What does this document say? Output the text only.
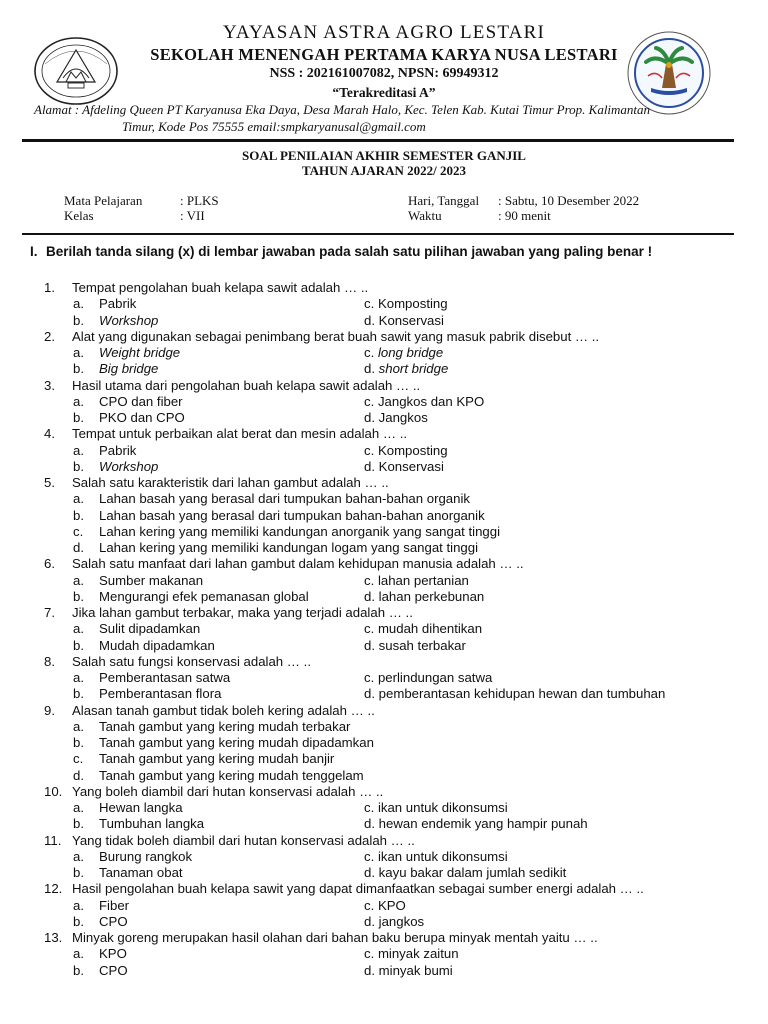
YAYASAN ASTRA AGRO LESTARI
SEKOLAH MENENGAH PERTAMA KARYA NUSA LESTARI
NSS : 202161007082, NPSN: 69949312
“Terakreditasi A”
Alamat : Afdeling Queen PT Karyanusa Eka Daya, Desa Marah Halo, Kec. Telen Kab. Kutai Timur Prop. Kalimantan
Timur, Kode Pos 75555 email:smpkaryanusal@gmail.com
SOAL PENILAIAN AKHIR SEMESTER GANJIL
TAHUN AJARAN 2022/ 2023
Mata Pelajaran	: PLKS
Kelas	: VII
Hari, Tanggal : Sabtu, 10 Desember 2022
Waktu	: 90 menit
I. Berilah tanda silang (x) di lembar jawaban pada salah satu pilihan jawaban yang paling benar !
1. Tempat pengolahan buah kelapa sawit adalah … ..
a. Pabrik	c. Komposting
b. Workshop	d. Konservasi
2. Alat yang digunakan sebagai penimbang berat buah sawit yang masuk pabrik disebut … ..
a. Weight bridge	c. long bridge
b. Big bridge	d. short bridge
3. Hasil utama dari pengolahan buah kelapa sawit adalah … ..
a. CPO dan fiber	c. Jangkos dan KPO
b. PKO dan CPO	d. Jangkos
4. Tempat untuk perbaikan alat berat dan mesin adalah … ..
a. Pabrik	c. Komposting
b. Workshop	d. Konservasi
5. Salah satu karakteristik dari lahan gambut adalah … ..
a. Lahan basah yang berasal dari tumpukan bahan-bahan organik
b. Lahan basah yang berasal dari tumpukan bahan-bahan anorganik
c. Lahan kering yang memiliki kandungan anorganik yang sangat tinggi
d. Lahan kering yang memiliki kandungan logam yang sangat tinggi
6. Salah satu manfaat dari lahan gambut dalam kehidupan manusia adalah … ..
a. Sumber makanan	c. lahan pertanian
b. Mengurangi efek pemanasan global	d. lahan perkebunan
7. Jika lahan gambut terbakar, maka yang terjadi adalah … ..
a. Sulit dipadamkan	c. mudah dihentikan
b. Mudah dipadamkan	d. susah terbakar
8. Salah satu fungsi konservasi adalah … ..
a. Pemberantasan satwa	c. perlindungan satwa
b. Pemberantasan flora	d. pemberantasan kehidupan hewan dan tumbuhan
9. Alasan tanah gambut tidak boleh kering adalah … ..
a. Tanah gambut yang kering mudah terbakar
b. Tanah gambut yang kering mudah dipadamkan
c. Tanah gambut yang kering mudah banjir
d. Tanah gambut yang kering mudah tenggelam
10. Yang boleh diambil dari hutan konservasi adalah … ..
a. Hewan langka	c. ikan untuk dikonsumsi
b. Tumbuhan langka	d. hewan endemik yang hampir punah
11. Yang tidak boleh diambil dari hutan konservasi adalah … ..
a. Burung rangkok	c. ikan untuk dikonsumsi
b. Tanaman obat	d. kayu bakar dalam jumlah sedikit
12. Hasil pengolahan buah kelapa sawit yang dapat dimanfaatkan sebagai sumber energi adalah … ..
a. Fiber	c. KPO
b. CPO	d. jangkos
13. Minyak goreng merupakan hasil olahan dari bahan baku berupa minyak mentah yaitu … ..
a. KPO	c. minyak zaitun
b. CPO	d. minyak bumi
